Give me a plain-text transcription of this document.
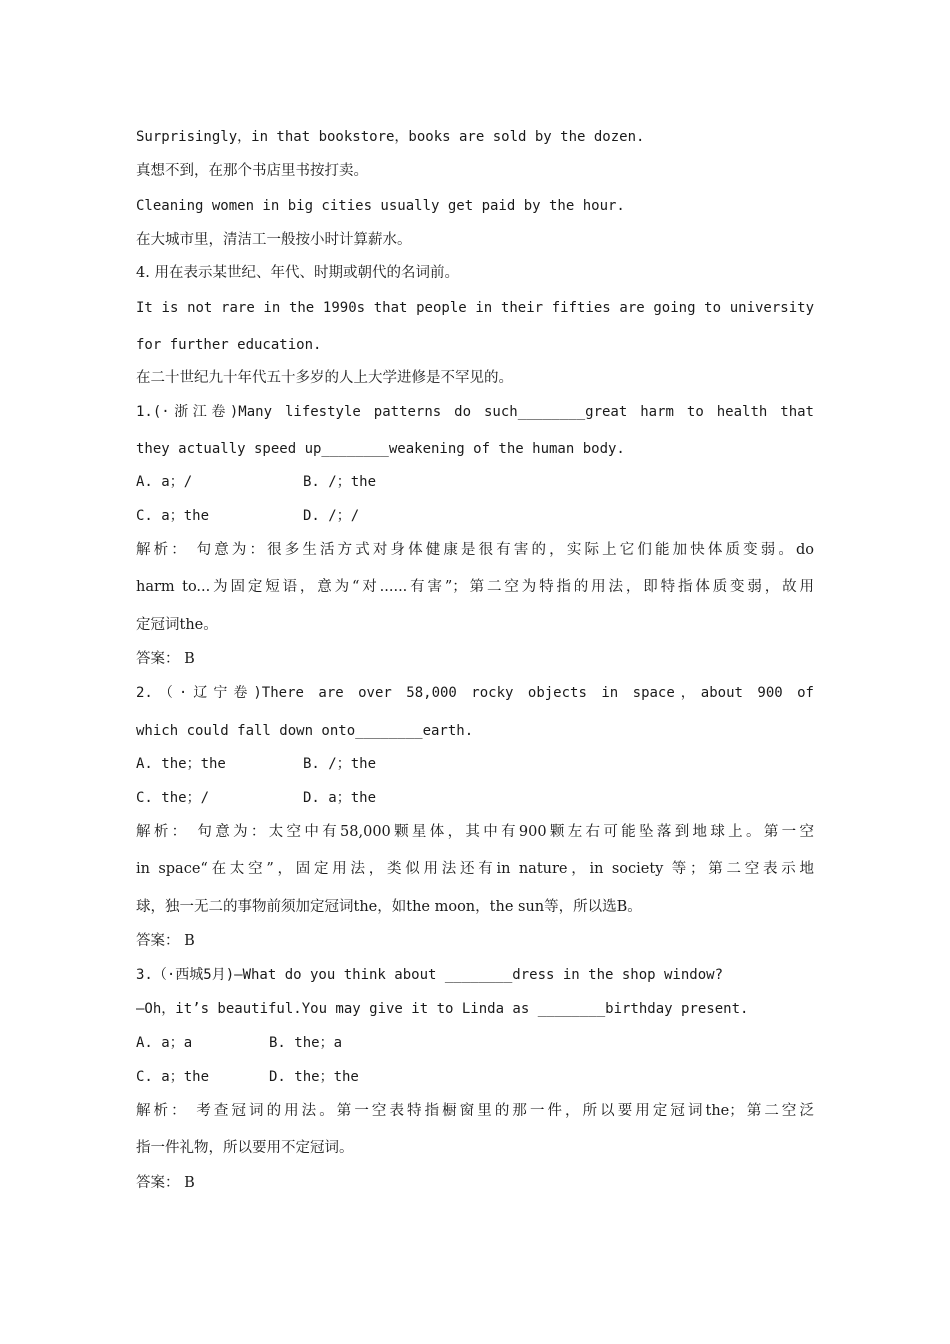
Surprisingly，in that bookstore，books are sold by the dozen.
真想不到，在那个书店里书按打卖。
Cleaning women in big cities usually get paid by the hour.
在大城市里，清洁工一般按小时计算薪水。
4. 用在表示某世纪、年代、时期或朝代的名词前。
It is not rare in the 1990s that people in their fifties are going to university
for further education.
在二十世纪九十年代五十多岁的人上大学进修是不罕见的。
1.(·浙江卷)Many lifestyle patterns do such________great harm to health that
they actually speed up________weakening of the human body.
A. a；/	B. /；the
C. a；the	D. /；/
解析： 句意为：很多生活方式对身体健康是很有害的，实际上它们能加快体质变弱。do
harm to...为固定短语，意为“对......有害”；第二空为特指的用法，即特指体质变弱，故用
定冠词the。
答案： B
2.（·辽宁卷)There are over 58,000 rocky objects in space，about 900 of
which could fall down onto________earth.
A. the；the	B. /；the
C. the；/	D. a；the
解析： 句意为：太空中有58,000颗星体，其中有900颗左右可能坠落到地球上。第一空
in space“在太空”，固定用法，类似用法还有in nature，in society 等；第二空表示地
球，独一无二的事物前须加定冠词the，如the moon，the sun等，所以选B。
答案： B
3.（·西城5月)—What do you think about ________dress in the shop window?
—Oh，it’s beautiful.You may give it to Linda as ________birthday present.
A. a；a	B. the；a
C. a；the	D. the；the
解析： 考查冠词的用法。第一空表特指橱窗里的那一件，所以要用定冠词the；第二空泛
指一件礼物，所以要用不定冠词。
答案： B
